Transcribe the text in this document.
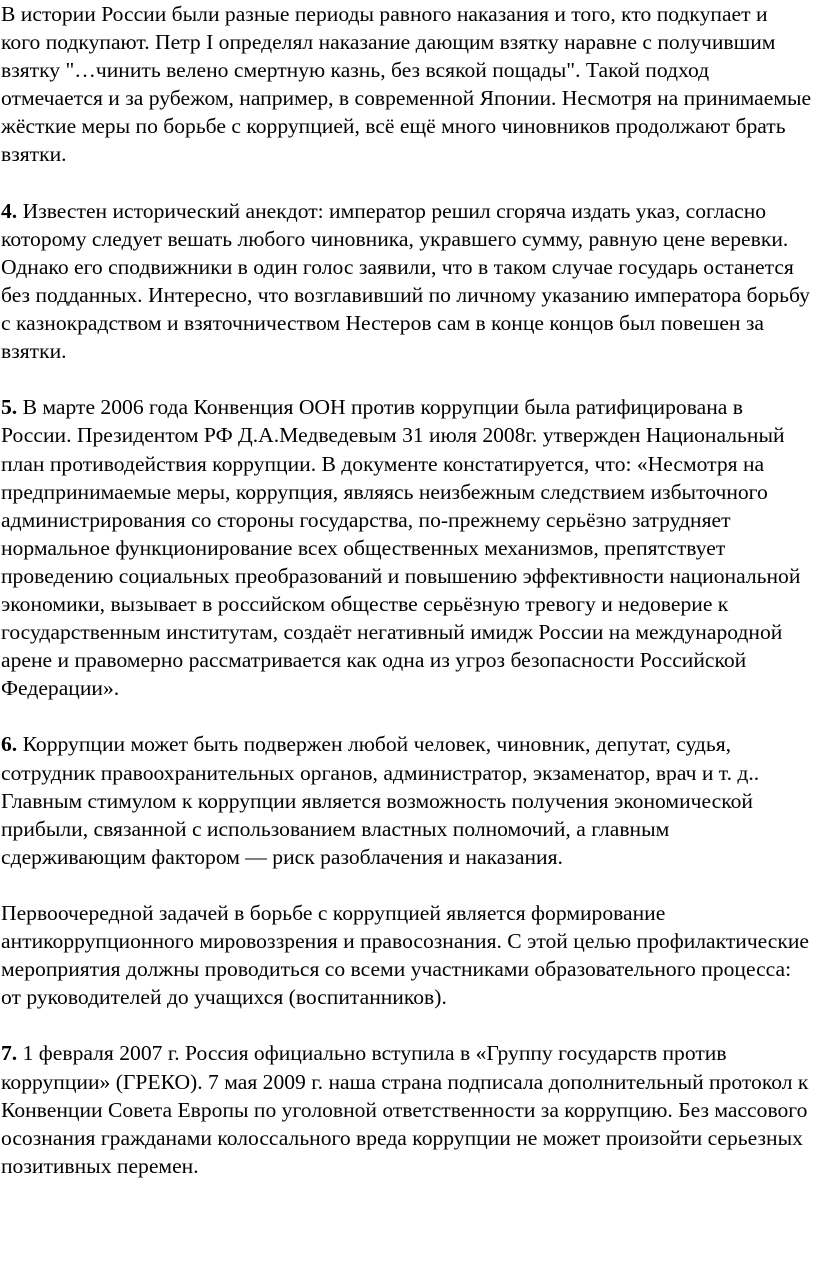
В истории России были разные периоды равного наказания и того, кто подкупает и кого подкупают. Петр I определял наказание дающим взятку наравне с получившим взятку "…чинить велено смертную казнь, без всякой пощады". Такой подход отмечается и за рубежом, например, в современной Японии. Несмотря на принимаемые жёсткие меры по борьбе с коррупцией, всё ещё много чиновников продолжают брать взятки.

4. Известен исторический анекдот: император решил сгоряча издать указ, согласно которому следует вешать любого чиновника, укравшего сумму, равную цене веревки. Однако его сподвижники в один голос заявили, что в таком случае государь останется без подданных. Интересно, что возглавивший по личному указанию императора борьбу с казнокрадством и взяточничеством Нестеров сам в конце концов был повешен за взятки.

5. В марте 2006 года Конвенция ООН против коррупции была ратифицирована в России. Президентом РФ Д.А.Медведевым 31 июля 2008г. утвержден Национальный план противодействия коррупции. В документе констатируется, что: «Несмотря на предпринимаемые меры, коррупция, являясь неизбежным следствием избыточного администрирования со стороны государства, по-прежнему серьёзно затрудняет нормальное функционирование всех общественных механизмов, препятствует проведению социальных преобразований и повышению эффективности национальной экономики, вызывает в российском обществе серьёзную тревогу и недоверие к государственным институтам, создаёт негативный имидж России на международной арене и правомерно рассматривается как одна из угроз безопасности Российской Федерации».

6. Коррупции может быть подвержен любой человек, чиновник, депутат, судья, сотрудник правоохранительных органов, администратор, экзаменатор, врач и т. д.. Главным стимулом к коррупции является возможность получения экономической прибыли, связанной с использованием властных полномочий, а главным сдерживающим фактором — риск разоблачения и наказания.

Первоочередной задачей в борьбе с коррупцией является формирование антикоррупционного мировоззрения и правосознания. С этой целью профилактические мероприятия должны проводиться со всеми участниками образовательного процесса: от руководителей до учащихся (воспитанников).

7. 1 февраля 2007 г. Россия официально вступила в «Группу государств против коррупции» (ГРЕКО). 7 мая 2009 г. наша страна подписала дополнительный протокол к Конвенции Совета Европы по уголовной ответственности за коррупцию. Без массового осознания гражданами колоссального вреда коррупции не может произойти серьезных позитивных перемен.
